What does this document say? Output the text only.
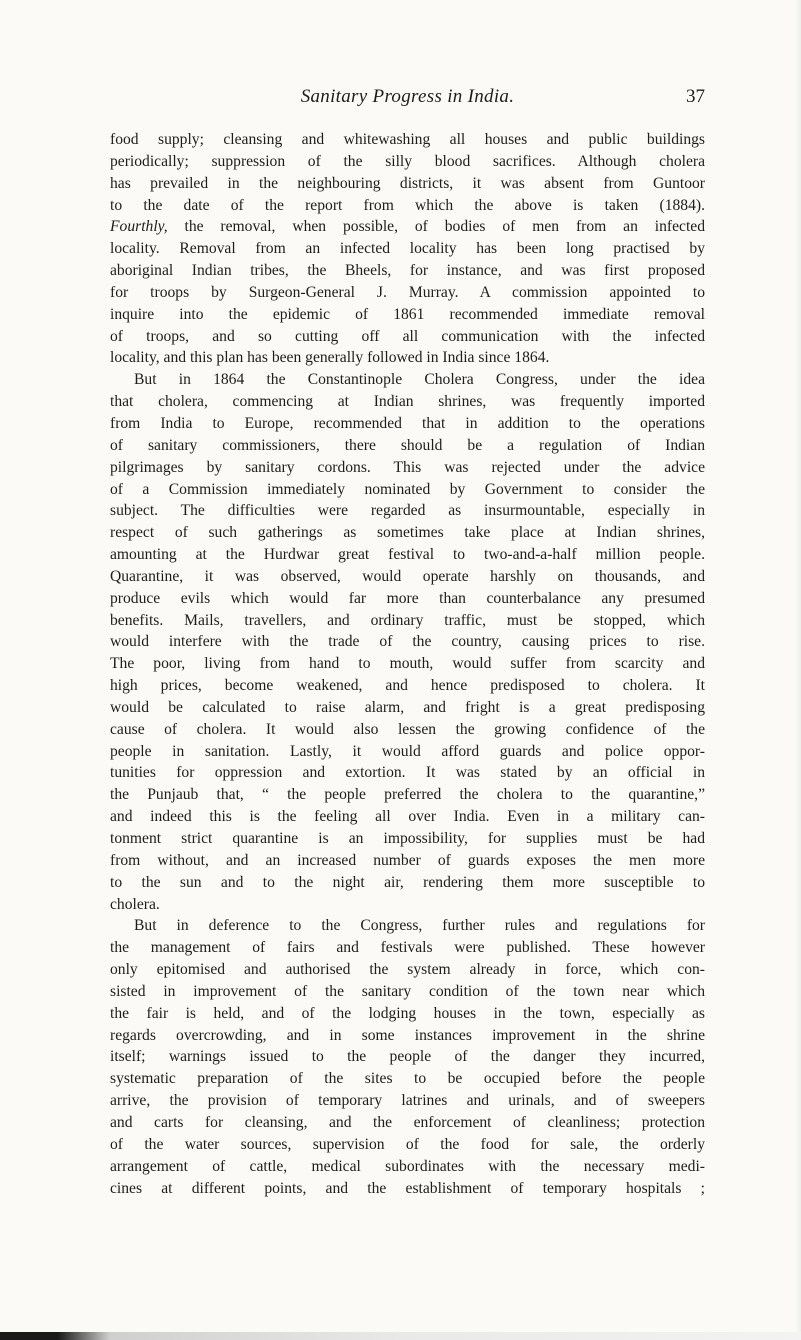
Sanitary Progress in India.	37
food supply; cleansing and whitewashing all houses and public buildings
periodically; suppression of the silly blood sacrifices. Although cholera
has prevailed in the neighbouring districts, it was absent from Guntoor
to the date of the report from which the above is taken (1884).
Fourthly, the removal, when possible, of bodies of men from an infected
locality. Removal from an infected locality has been long practised by
aboriginal Indian tribes, the Bheels, for instance, and was first proposed
for troops by Surgeon-General J. Murray. A commission appointed to
inquire into the epidemic of 1861 recommended immediate removal
of troops, and so cutting off all communication with the infected
locality, and this plan has been generally followed in India since 1864.
But in 1864 the Constantinople Cholera Congress, under the idea
that cholera, commencing at Indian shrines, was frequently imported
from India to Europe, recommended that in addition to the operations
of sanitary commissioners, there should be a regulation of Indian
pilgrimages by sanitary cordons. This was rejected under the advice
of a Commission immediately nominated by Government to consider the
subject. The difficulties were regarded as insurmountable, especially in
respect of such gatherings as sometimes take place at Indian shrines,
amounting at the Hurdwar great festival to two-and-a-half million people.
Quarantine, it was observed, would operate harshly on thousands, and
produce evils which would far more than counterbalance any presumed
benefits. Mails, travellers, and ordinary traffic, must be stopped, which
would interfere with the trade of the country, causing prices to rise.
The poor, living from hand to mouth, would suffer from scarcity and
high prices, become weakened, and hence predisposed to cholera. It
would be calculated to raise alarm, and fright is a great predisposing
cause of cholera. It would also lessen the growing confidence of the
people in sanitation. Lastly, it would afford guards and police oppor-
tunities for oppression and extortion. It was stated by an official in
the Punjaub that, “ the people preferred the cholera to the quarantine,”
and indeed this is the feeling all over India. Even in a military can-
tonment strict quarantine is an impossibility, for supplies must be had
from without, and an increased number of guards exposes the men more
to the sun and to the night air, rendering them more susceptible to
cholera.
But in deference to the Congress, further rules and regulations for
the management of fairs and festivals were published. These however
only epitomised and authorised the system already in force, which con-
sisted in improvement of the sanitary condition of the town near which
the fair is held, and of the lodging houses in the town, especially as
regards overcrowding, and in some instances improvement in the shrine
itself; warnings issued to the people of the danger they incurred,
systematic preparation of the sites to be occupied before the people
arrive, the provision of temporary latrines and urinals, and of sweepers
and carts for cleansing, and the enforcement of cleanliness; protection
of the water sources, supervision of the food for sale, the orderly
arrangement of cattle, medical subordinates with the necessary medi-
cines at different points, and the establishment of temporary hospitals ;
